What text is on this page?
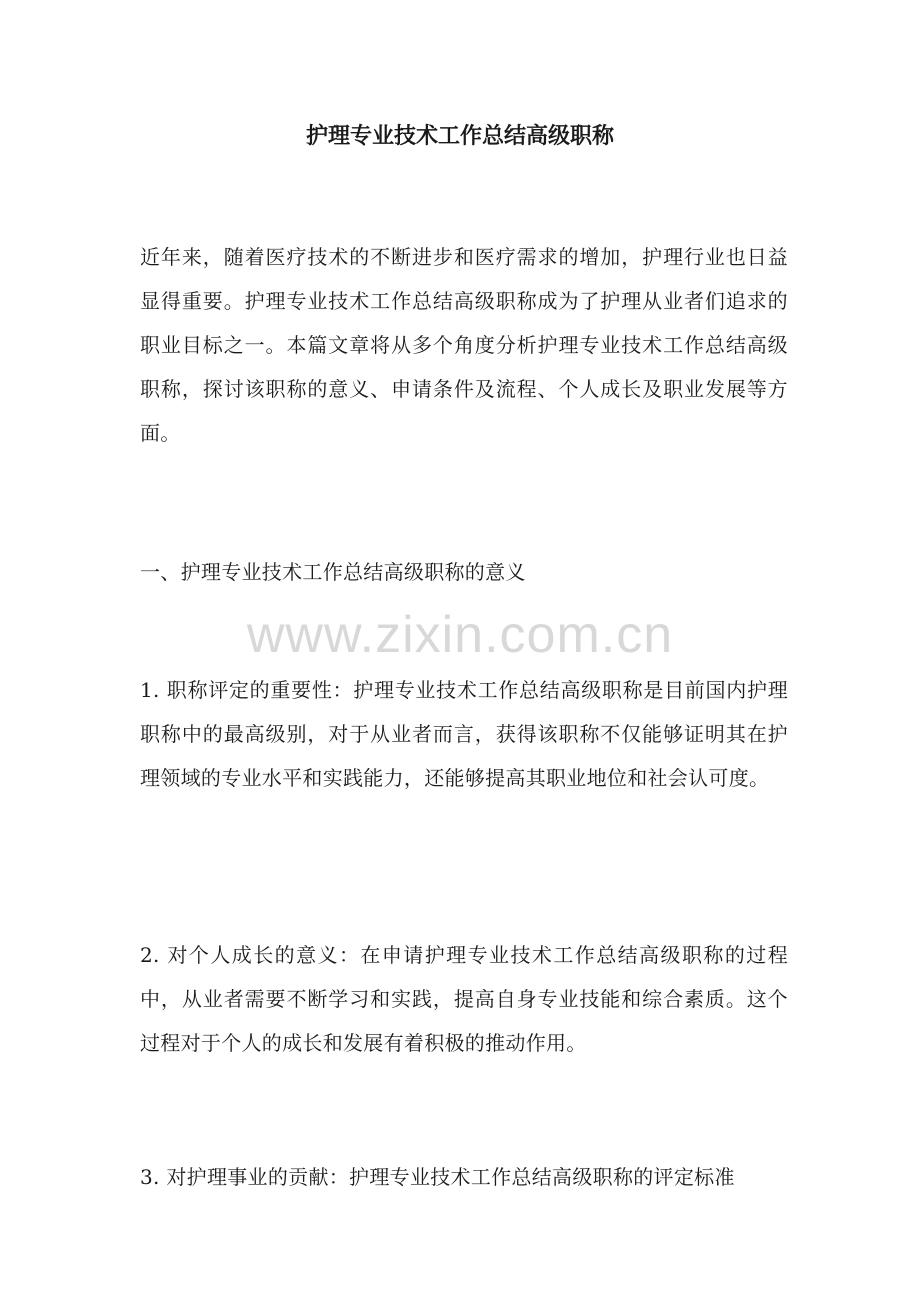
护理专业技术工作总结高级职称

近年来，随着医疗技术的不断进步和医疗需求的增加，护理行业也日益显得重要。护理专业技术工作总结高级职称成为了护理从业者们追求的职业目标之一。本篇文章将从多个角度分析护理专业技术工作总结高级职称，探讨该职称的意义、申请条件及流程、个人成长及职业发展等方面。

一、护理专业技术工作总结高级职称的意义

www.zixin.com.cn

1. 职称评定的重要性：护理专业技术工作总结高级职称是目前国内护理职称中的最高级别，对于从业者而言，获得该职称不仅能够证明其在护理领域的专业水平和实践能力，还能够提高其职业地位和社会认可度。

2. 对个人成长的意义：在申请护理专业技术工作总结高级职称的过程中，从业者需要不断学习和实践，提高自身专业技能和综合素质。这个过程对于个人的成长和发展有着积极的推动作用。

3. 对护理事业的贡献：护理专业技术工作总结高级职称的评定标准
